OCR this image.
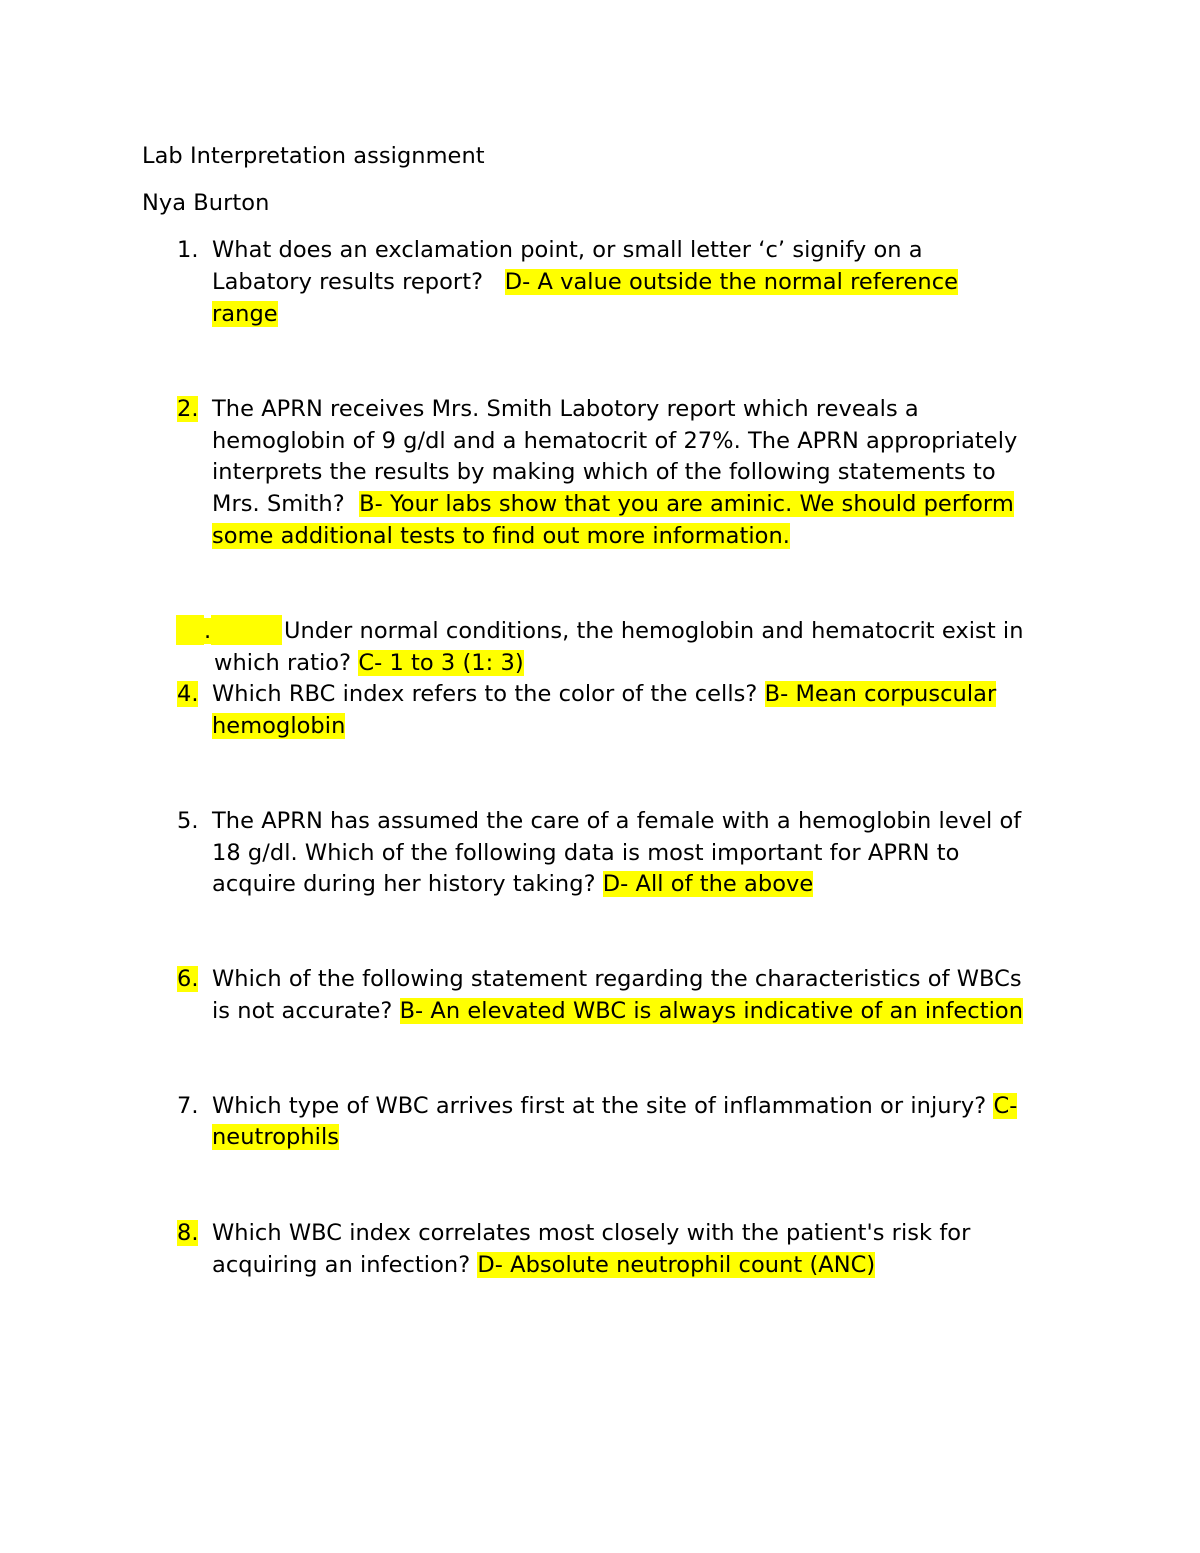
Lab Interpretation assignment
Nya Burton
1. What does an exclamation point, or small letter ‘c’ signify on a
Labatory results report?   D- A value outside the normal reference
range
2. The APRN receives Mrs. Smith Labotory report which reveals a
hemoglobin of 9 g/dl and a hematocrit of 27%. The APRN appropriately
interprets the results by making which of the following statements to
Mrs. Smith?  B- Your labs show that you are aminic. We should perform
some additional tests to find out more information.
.	Under normal conditions, the hemoglobin and hematocrit exist in
which ratio? C- 1 to 3 (1: 3)
4. Which RBC index refers to the color of the cells? B- Mean corpuscular
hemoglobin
5. The APRN has assumed the care of a female with a hemoglobin level of
18 g/dl. Which of the following data is most important for APRN to
acquire during her history taking? D- All of the above
6. Which of the following statement regarding the characteristics of WBCs
is not accurate? B- An elevated WBC is always indicative of an infection
7. Which type of WBC arrives first at the site of inflammation or injury? C-
neutrophils
8. Which WBC index correlates most closely with the patient's risk for
acquiring an infection? D- Absolute neutrophil count (ANC)
